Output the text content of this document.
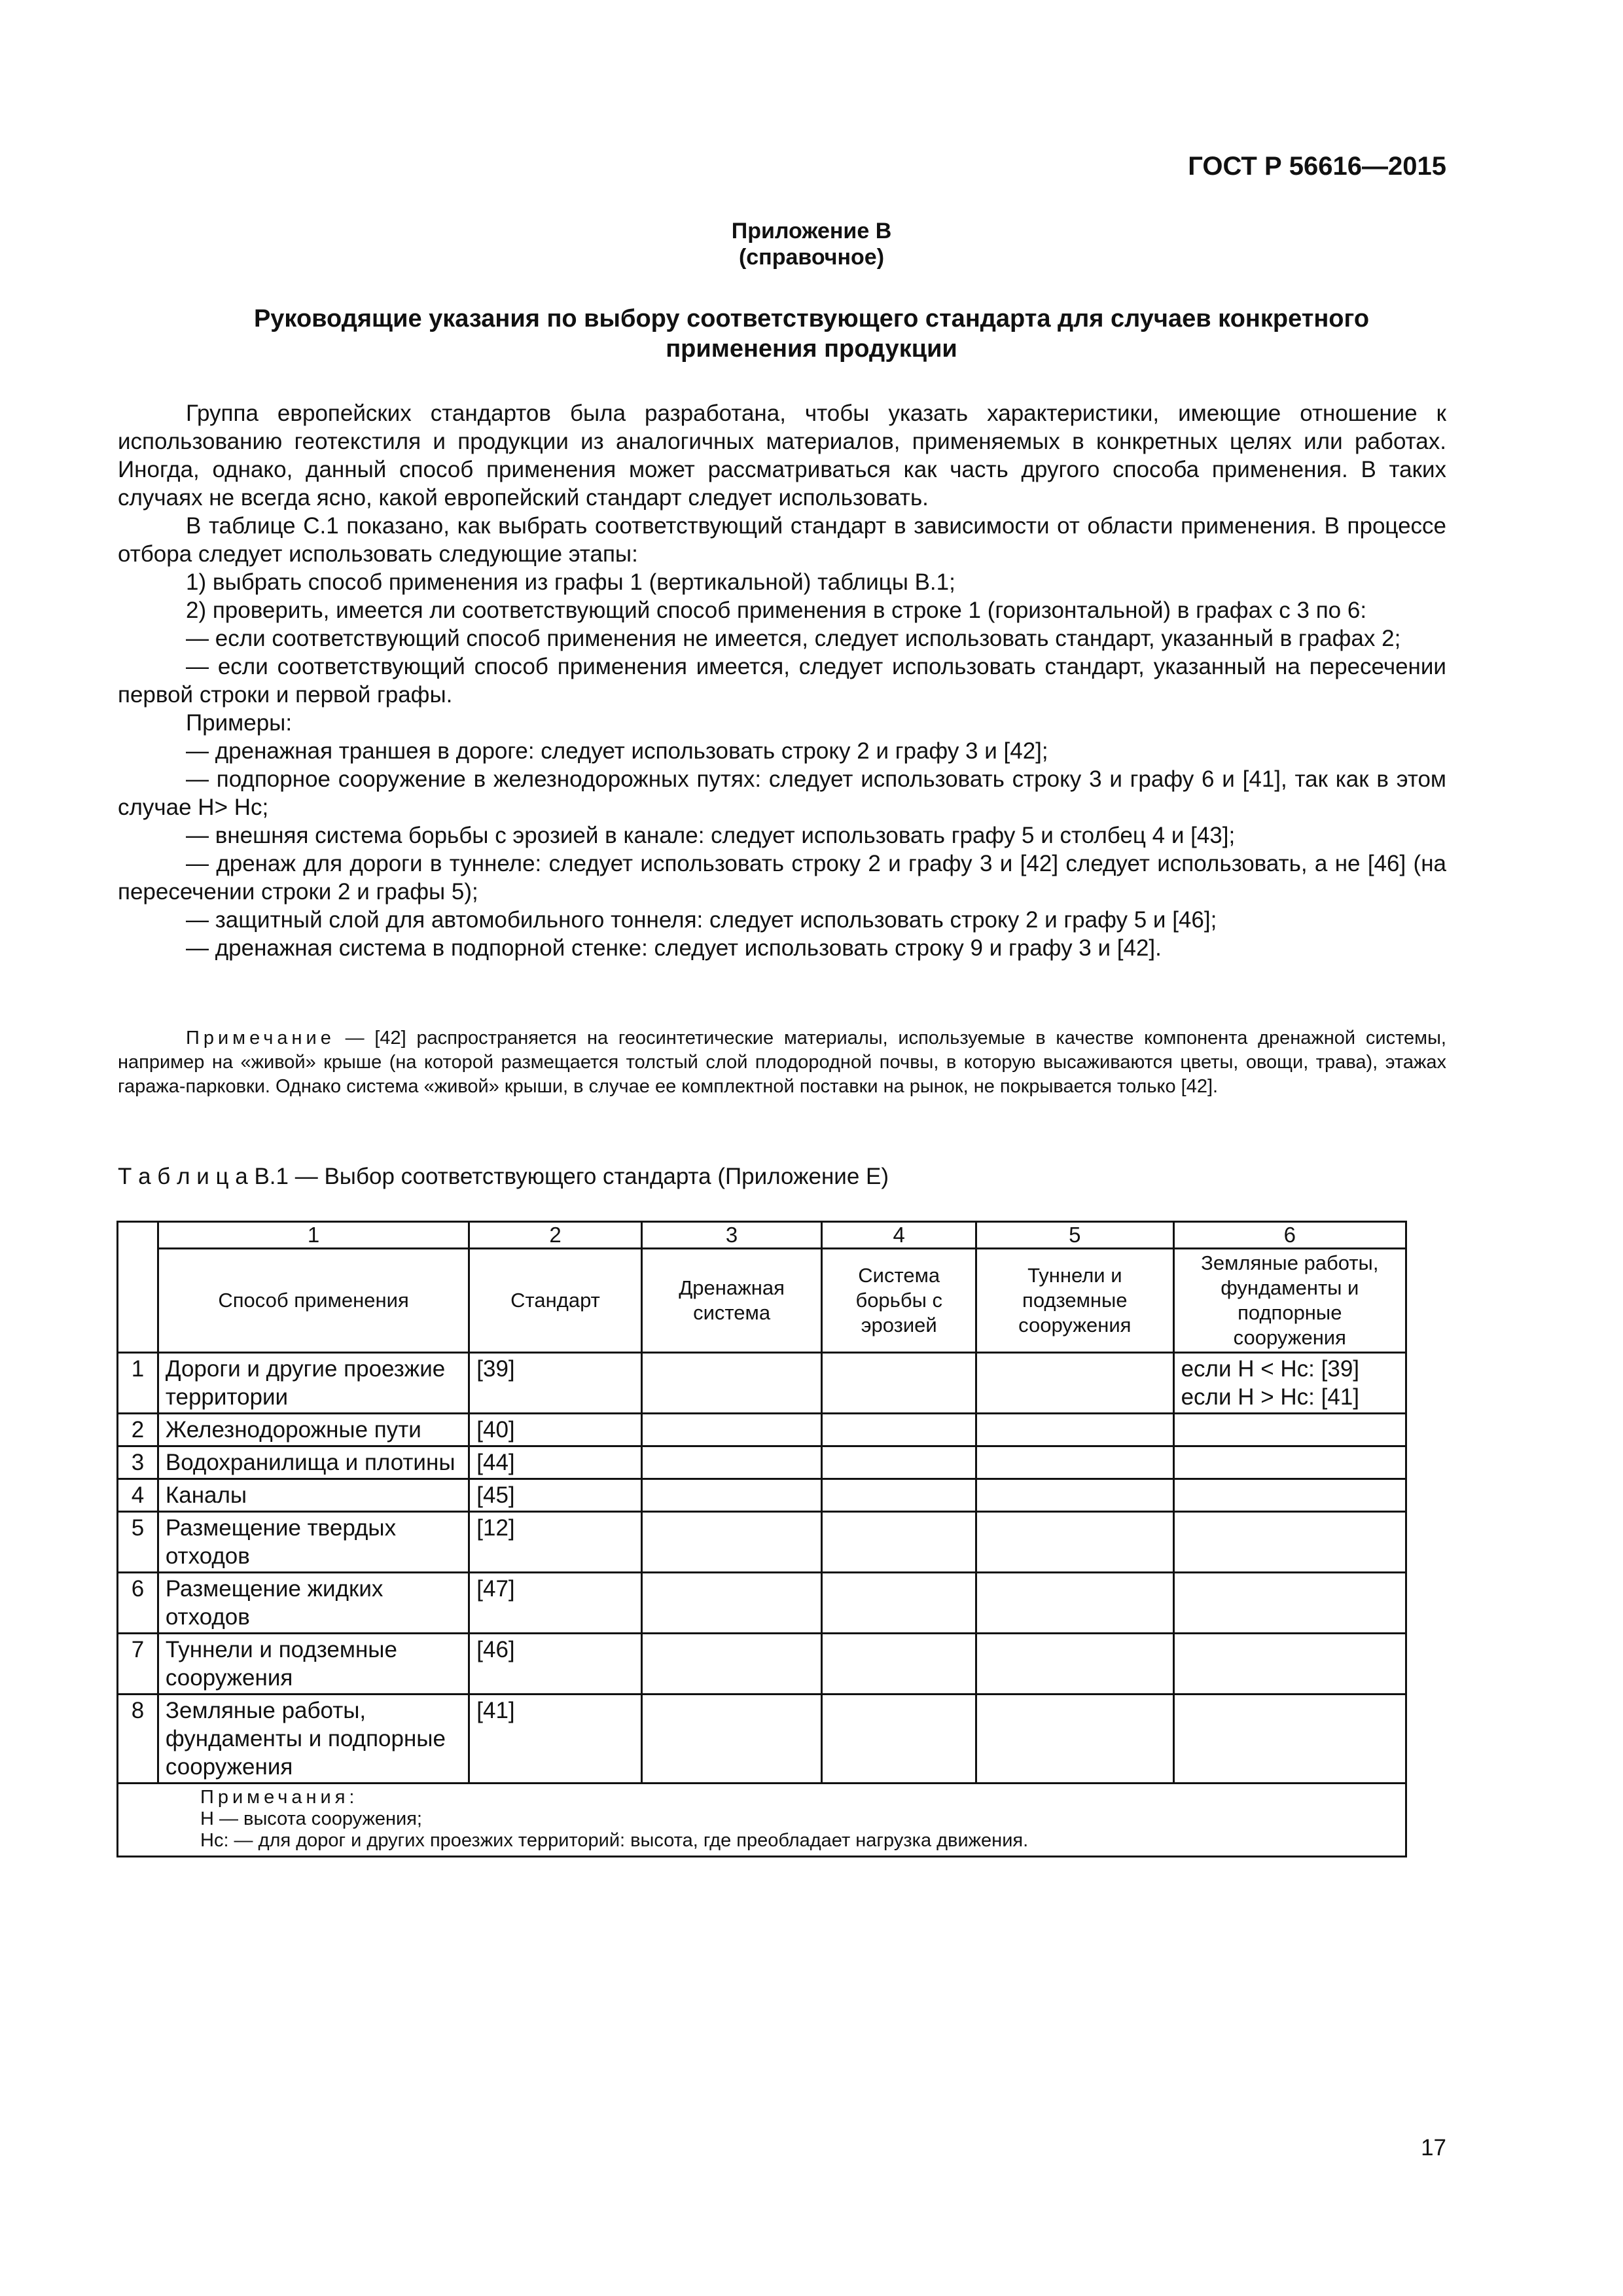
ГОСТ Р 56616—2015
Приложение В
(справочное)
Руководящие указания по выбору соответствующего стандарта для случаев конкретного
применения продукции

Группа европейских стандартов была разработана, чтобы указать характеристики, имеющие отношение к использованию геотекстиля и продукции из аналогичных материалов, применяемых в конкретных целях или работах. Иногда, однако, данный способ применения может рассматриваться как часть другого способа применения. В таких случаях не всегда ясно, какой европейский стандарт следует использовать.

В таблице С.1 показано, как выбрать соответствующий стандарт в зависимости от области применения. В процессе отбора следует использовать следующие этапы:

1) выбрать способ применения из графы 1 (вертикальной) таблицы В.1;

2) проверить, имеется ли соответствующий способ применения в строке 1 (горизонтальной) в графах с 3 по 6:

— если соответствующий способ применения не имеется, следует использовать стандарт, указанный в графах 2;

— если соответствующий способ применения имеется, следует использовать стандарт, указанный на пересечении первой строки и первой графы.

Примеры:

— дренажная траншея в дороге: следует использовать строку 2 и графу 3 и [42];

— подпорное сооружение в железнодорожных путях: следует использовать строку 3 и графу 6 и [41], так как в этом случае H> Hc;

— внешняя система борьбы с эрозией в канале: следует использовать графу 5 и столбец 4 и [43];

— дренаж для дороги в туннеле: следует использовать строку 2 и графу 3 и [42] следует использовать, а не [46] (на пересечении строки 2 и графы 5);

— защитный слой для автомобильного тоннеля: следует использовать строку 2 и графу 5 и [46];

— дренажная система в подпорной стенке: следует использовать строку 9 и графу 3 и [42].

Примечание — [42] распространяется на геосинтетические материалы, используемые в качестве компонента дренажной системы, например на «живой» крыше (на которой размещается толстый слой плодородной почвы, в которую высаживаются цветы, овощи, трава), этажах гаража-парковки. Однако система «живой» крыши, в случае ее комплектной поставки на рынок, не покрывается только [42].

Т а б л и ц а В.1 — Выбор соответствующего стандарта (Приложение Е)
	1	2	3	4	5	6
	Способ применения	Стандарт	Дренажная система	Система борьбы с эрозией	Туннели и подземные сооружения	Земляные работы, фундаменты и подпорные сооружения
1	Дороги и другие проезжие территории	[39]				если H < Hc: [39]
если H > Hc: [41]

2	Железнодорожные пути	[40]				
3	Водохранилища и плотины	[44]				
4	Каналы	[45]				
5	Размещение твердых отходов	[12]				
6	Размещение жидких отходов	[47]				
7	Туннели и подземные сооружения	[46]				
8	Земляные работы, фундаменты и подпорные сооружения	[41]				

Примечания:
H — высота сооружения;
Hc: — для дорог и других проезжих территорий: высота, где преобладает нагрузка движения.						
17
